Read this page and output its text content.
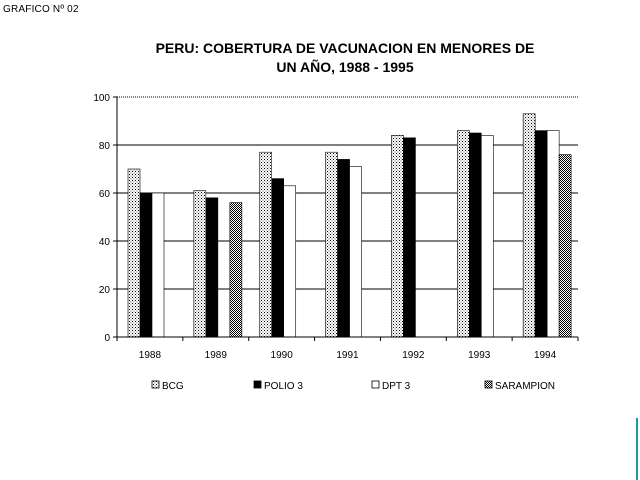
GRAFICO Nº 02
PERU: COBERTURA DE VACUNACION EN MENORES DE
UN AÑO, 1988 - 1995
0
20
40
60
80
100
1988	1989	1990	1991	1992	1993	1994
BCG	POLIO 3	DPT 3	SARAMPION
